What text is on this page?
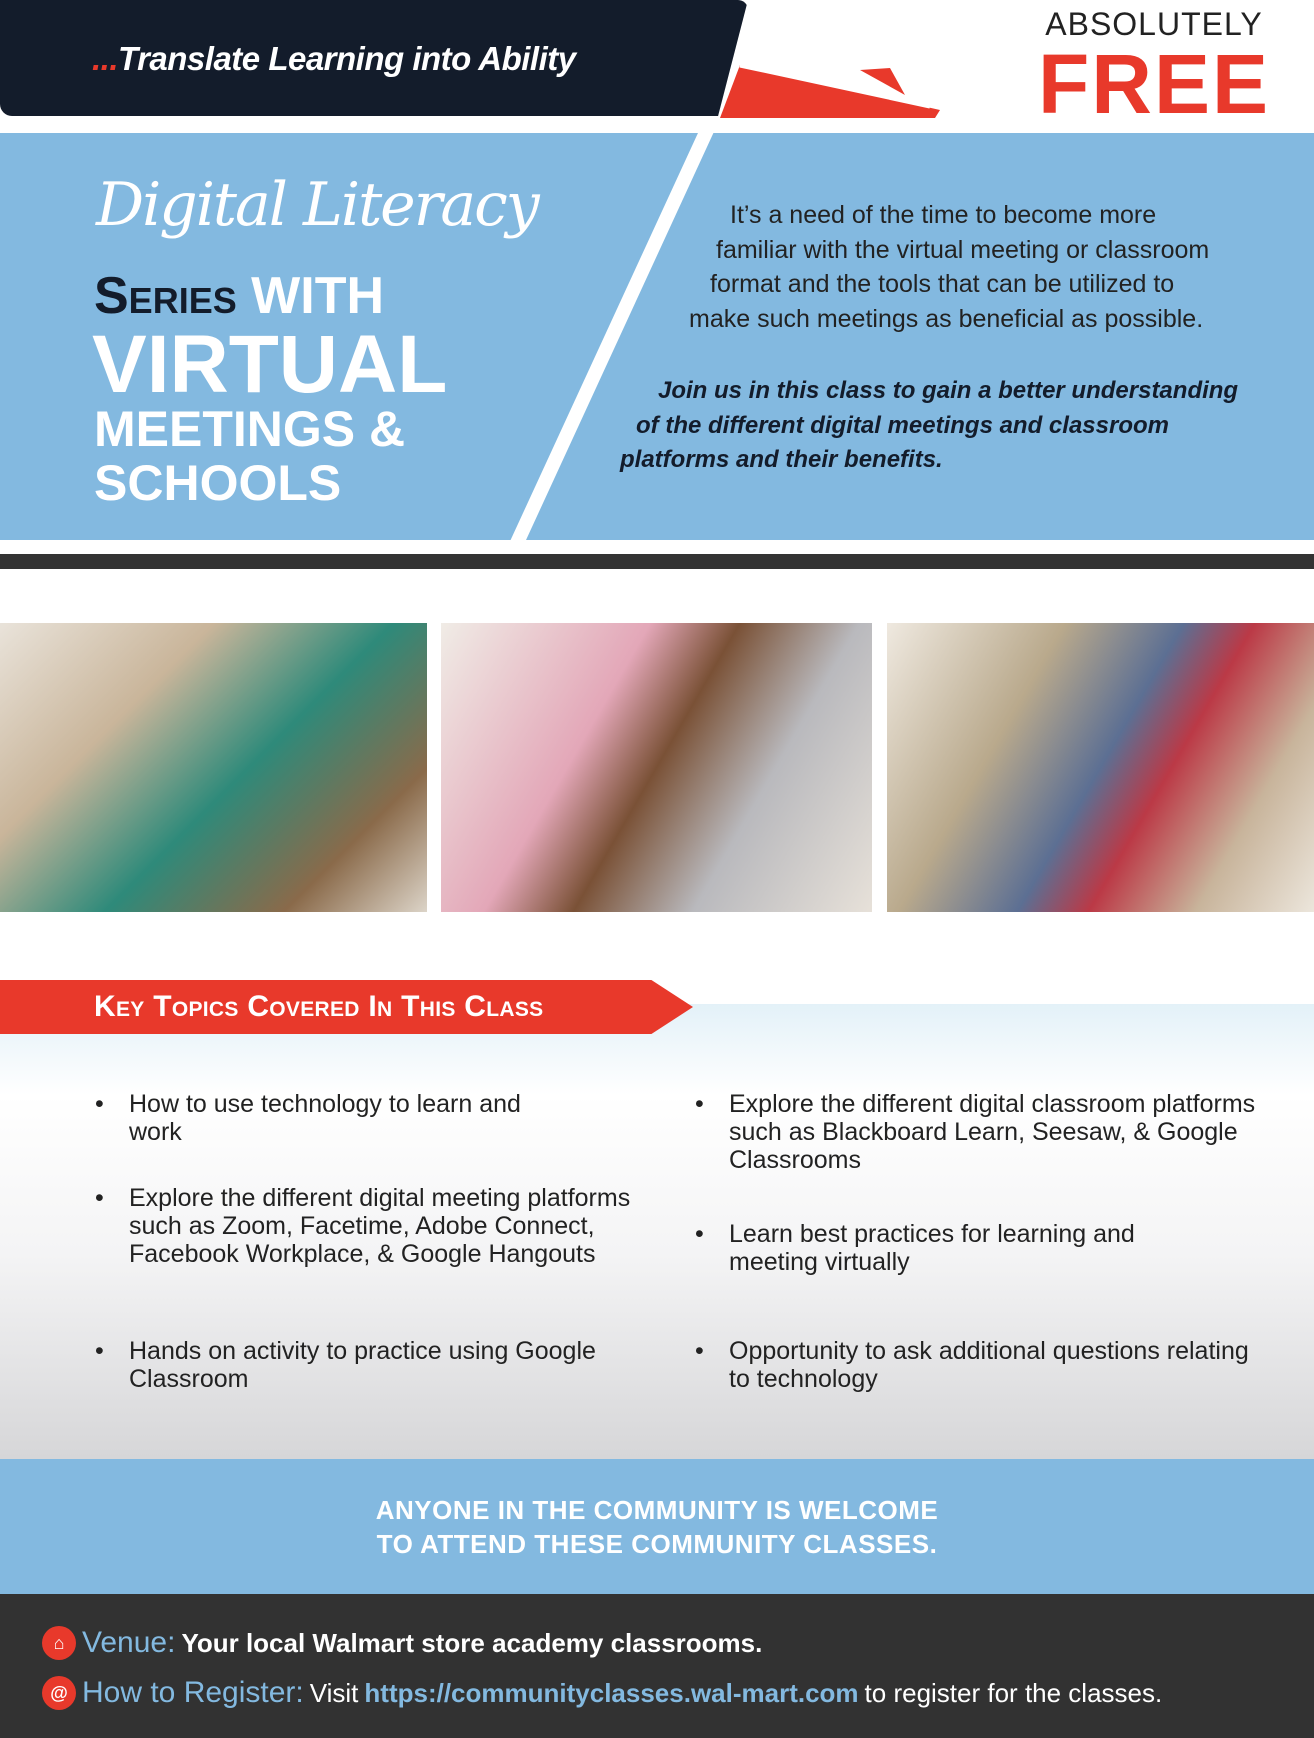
...Translate Learning into Ability
ABSOLUTELY
FREE
Digital Literacy
Series WITH
VIRTUAL
MEETINGS &
SCHOOLS

It’s a need of the time to become more

familiar with the virtual meeting or classroom

format and the tools that can be utilized to

make such meetings as beneficial as possible.

Join us in this class to gain a better understanding

of the different digital meetings and classroom

platforms and their benefits.

Key Topics Covered In This Class
• How to use technology to learn and work
• Explore the different digital meeting platforms such as Zoom, Facetime, Adobe Connect, Facebook Workplace, & Google Hangouts
• Hands on activity to practice using Google Classroom
• Explore the different digital classroom platforms such as Blackboard Learn, Seesaw, & Google Classrooms
• Learn best practices for learning and meeting virtually
• Opportunity to ask additional questions relating to technology
ANYONE IN THE COMMUNITY IS WELCOME
TO ATTEND THESE COMMUNITY CLASSES.
⌂ Venue: Your local Walmart store academy classrooms.
@ How to Register: Visit https://communityclasses.wal-mart.com to register for the classes.
